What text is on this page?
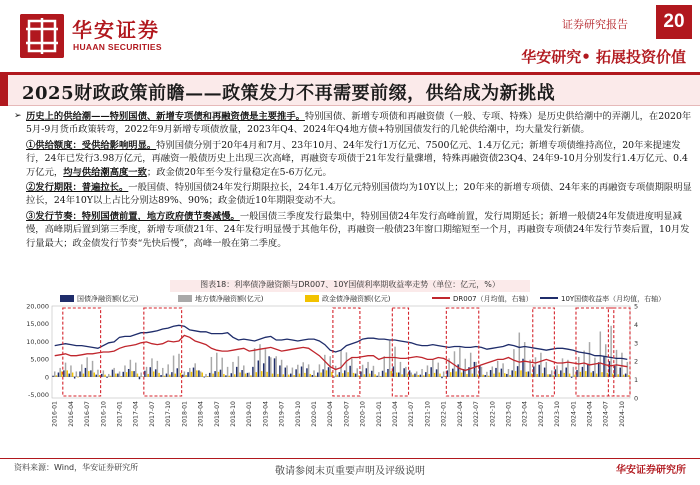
华安证券
HUAAN SECURITIES
证券研究报告	20
华安研究• 拓展投资价值
2025财政政策前瞻——政策发力不再需要前缀，供给成为新挑战
➢ 历史上的供给潮——特别国债、新增专项债和再融资债是主要推手。特别国债、新增专项债和再融资债（一般、专项、特殊）是历史供给潮中的弄潮儿，在2020年5月-9月货币政策转弯，2022年9月新增专项债放量，2023年Q4、2024年Q4地方债+特别国债发行的几轮供给潮中，均大量发行新债。
①供给额度：受供给影响明显。特别国债分别于20年4月和7月、23年10月、24年发行1万亿元、7500亿元、1.4万亿元；新增专项债维持高位，20年来提速发行，24年已发行3.98万亿元，再融资一般债历史上出现三次高峰，再融资专项债于21年发行量骤增，特殊再融资债23Q4、24年9-10月分别发行1.4万亿元、0.4万亿元，均与供给潮高度一致；政金债20年至今发行量稳定在5-6万亿元。
②发行期限：普遍拉长。一般国债、特别国债24年发行期限拉长，24年1.4万亿元特别国债均为10Y以上；20年来的新增专项债、24年来的再融资专项债期限明显拉长，24年10Y以上占比分别达89%、90%；政金债近10年期限变动不大。
③发行节奏：特别国债前置，地方政府债节奏减慢。一般国债三季度发行最集中，特别国债24年发行高峰前置，发行周期延长；新增一般债24年发债进度明显减慢，高峰期后置到第三季度，新增专项债21年、24年发行明显慢于其他年份，再融资一般债23年窗口期缩短至一个月，再融资专项债24年发行节奏后置，10月发行量最大；政金债发行节奏“先快后慢”，高峰一般在第二季度。
图表18：利率债净融资额与DR007、10Y国债利率期收益率走势（单位：亿元，%）
国债净融资额(亿元)	地方债净融资额(亿元)	政金债净融资额(亿元)	DR007（月均值，右轴）	10Y国债收益率（月均值，右轴）
20,000
15,000
10,000
5,000
0
-5,000
5
4
3
2
1
0
2016-01 2016-04 2016-07 2016-10 2017-01 2017-04 2017-07 2017-10 2018-01 2018-04 2018-07 2018-10 2019-01 2019-04 2019-07 2019-10 2020-01 2020-04 2020-07 2020-10 2021-01 2021-04 2021-07 2021-10 2022-01 2022-04 2022-07 2022-10 2023-01 2023-04 2023-07 2023-10 2024-01 2024-04 2024-07 2024-10
资料来源：Wind，华安证券研究所	敬请参阅末页重要声明及评级说明	华安证券研究所
